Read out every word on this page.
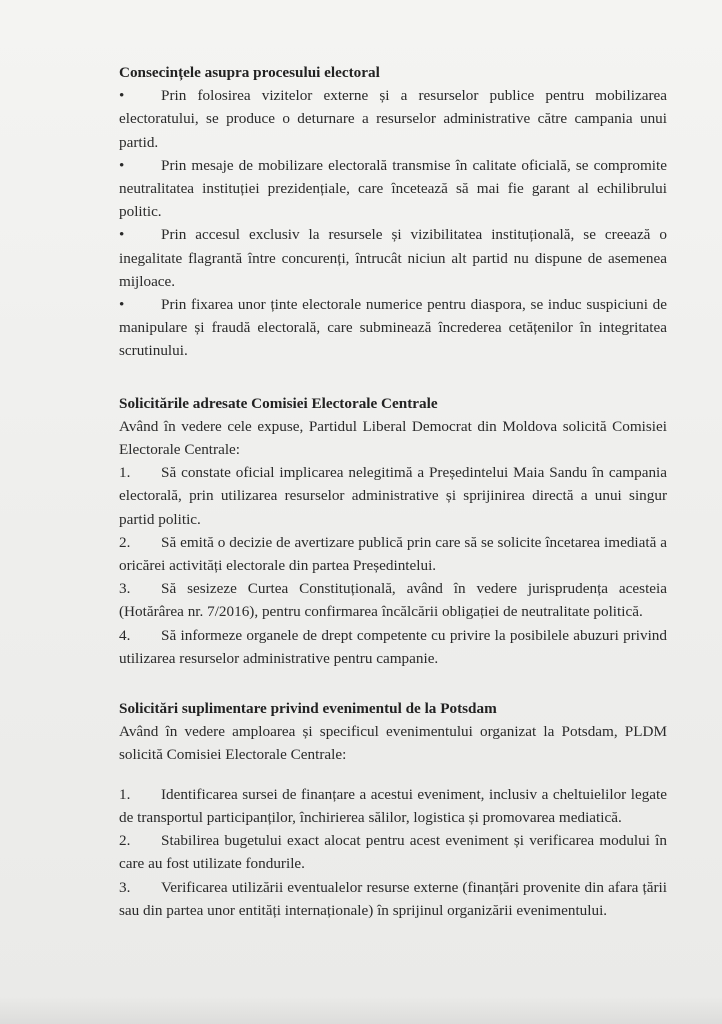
Consecințele asupra procesului electoral

• Prin folosirea vizitelor externe și a resurselor publice pentru mobilizarea electoratului, se produce o deturnare a resurselor administrative către campania unui partid.

• Prin mesaje de mobilizare electorală transmise în calitate oficială, se compromite neutralitatea instituției prezidențiale, care încetează să mai fie garant al echilibrului politic.

• Prin accesul exclusiv la resursele și vizibilitatea instituțională, se creează o inegalitate flagrantă între concurenți, întrucât niciun alt partid nu dispune de asemenea mijloace.

• Prin fixarea unor ținte electorale numerice pentru diaspora, se induc suspiciuni de manipulare și fraudă electorală, care subminează încrederea cetățenilor în integritatea scrutinului.

Solicitările adresate Comisiei Electorale Centrale

Având în vedere cele expuse, Partidul Liberal Democrat din Moldova solicită Comisiei Electorale Centrale:

1. Să constate oficial implicarea nelegitimă a Președintelui Maia Sandu în campania electorală, prin utilizarea resurselor administrative și sprijinirea directă a unui singur partid politic.

2. Să emită o decizie de avertizare publică prin care să se solicite încetarea imediată a oricărei activități electorale din partea Președintelui.

3. Să sesizeze Curtea Constituțională, având în vedere jurisprudența acesteia (Hotărârea nr. 7/2016), pentru confirmarea încălcării obligației de neutralitate politică.

4. Să informeze organele de drept competente cu privire la posibilele abuzuri privind utilizarea resurselor administrative pentru campanie.

Solicitări suplimentare privind evenimentul de la Potsdam

Având în vedere amploarea și specificul evenimentului organizat la Potsdam, PLDM solicită Comisiei Electorale Centrale:

1. Identificarea sursei de finanțare a acestui eveniment, inclusiv a cheltuielilor legate de transportul participanților, închirierea sălilor, logistica și promovarea mediatică.

2. Stabilirea bugetului exact alocat pentru acest eveniment și verificarea modului în care au fost utilizate fondurile.

3. Verificarea utilizării eventualelor resurse externe (finanțări provenite din afara țării sau din partea unor entități internaționale) în sprijinul organizării evenimentului.
